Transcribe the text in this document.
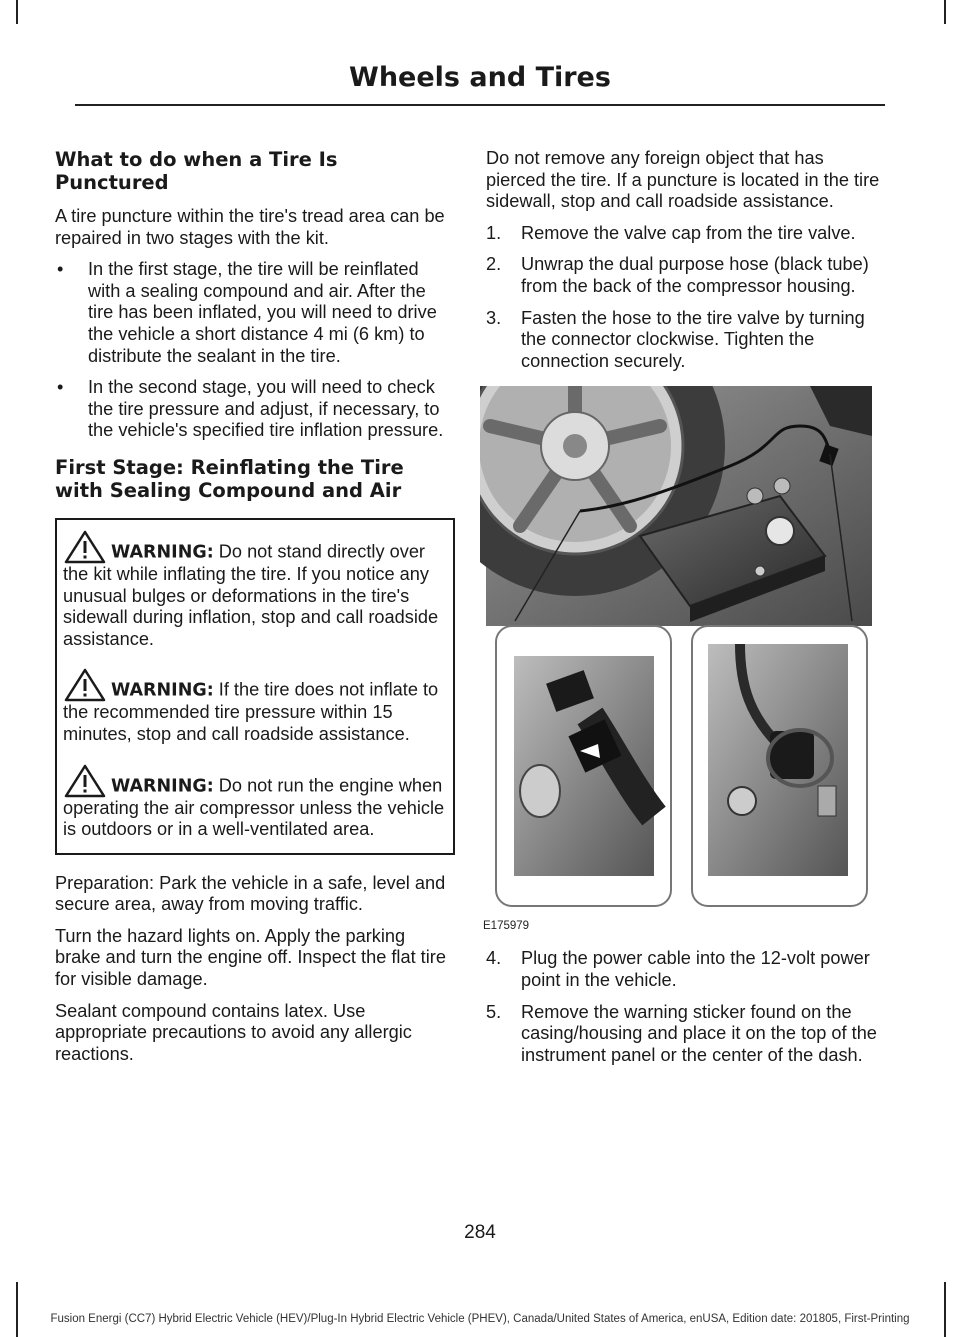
Wheels and Tires
What to do when a Tire Is Punctured

A tire puncture within the tire's tread area can be repaired in two stages with the kit.

• In the first stage, the tire will be reinflated with a sealing compound and air. After the tire has been inflated, you will need to drive the vehicle a short distance 4 mi (6 km) to distribute the sealant in the tire.
• In the second stage, you will need to check the tire pressure and adjust, if necessary, to the vehicle's specified tire inflation pressure.
First Stage: Reinflating the Tire with Sealing Compound and Air
WARNING: Do not stand directly over the kit while inflating the tire. If you notice any unusual bulges or deformations in the tire's sidewall during inflation, stop and call roadside assistance.
WARNING: If the tire does not inflate to the recommended tire pressure within 15 minutes, stop and call roadside assistance.
WARNING: Do not run the engine when operating the air compressor unless the vehicle is outdoors or in a well-ventilated area.

Preparation: Park the vehicle in a safe, level and secure area, away from moving traffic.

Turn the hazard lights on. Apply the parking brake and turn the engine off. Inspect the flat tire for visible damage.

Sealant compound contains latex. Use appropriate precautions to avoid any allergic reactions.

Do not remove any foreign object that has pierced the tire. If a puncture is located in the tire sidewall, stop and call roadside assistance.

1. Remove the valve cap from the tire valve.
2. Unwrap the dual purpose hose (black tube) from the back of the compressor housing.
3. Fasten the hose to the tire valve by turning the connector clockwise. Tighten the connection securely.
E175979
4. Plug the power cable into the 12-volt power point in the vehicle.
5. Remove the warning sticker found on the casing/housing and place it on the top of the instrument panel or the center of the dash.
284
Fusion Energi (CC7) Hybrid Electric Vehicle (HEV)/Plug-In Hybrid Electric Vehicle (PHEV), Canada/United States of America, enUSA, Edition date: 201805, First-Printing
